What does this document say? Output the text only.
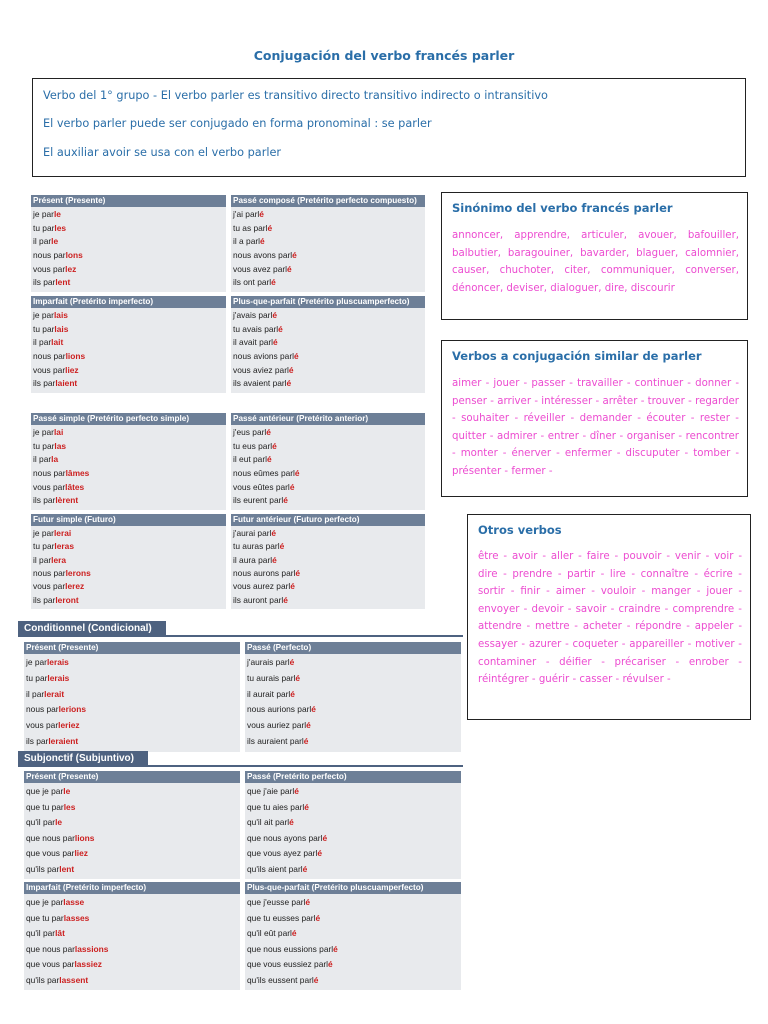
Conjugación del verbo francés parler
Verbo del 1° grupo - El verbo parler es transitivo directo transitivo indirecto o intransitivo
El verbo parler puede ser conjugado en forma pronominal : se parler
El auxiliar avoir se usa con el verbo parler
Présent (Presente)
je parle
tu parles
il parle
nous parlons
vous parlez
ils parlent
Passé composé (Pretérito perfecto compuesto)
j'ai parlé
tu as parlé
il a parlé
nous avons parlé
vous avez parlé
ils ont parlé
Imparfait (Pretérito imperfecto)
je parlais
tu parlais
il parlait
nous parlions
vous parliez
ils parlaient
Plus-que-parfait (Pretérito pluscuamperfecto)
j'avais parlé
tu avais parlé
il avait parlé
nous avions parlé
vous aviez parlé
ils avaient parlé
Passé simple (Pretérito perfecto simple)
je parlai
tu parlas
il parla
nous parlâmes
vous parlâtes
ils parlèrent
Passé antérieur (Pretérito anterior)
j'eus parlé
tu eus parlé
il eut parlé
nous eûmes parlé
vous eûtes parlé
ils eurent parlé
Futur simple (Futuro)
je parlerai
tu parleras
il parlera
nous parlerons
vous parlerez
ils parleront
Futur antérieur (Futuro perfecto)
j'aurai parlé
tu auras parlé
il aura parlé
nous aurons parlé
vous aurez parlé
ils auront parlé
Conditionnel (Condicional)
Présent (Presente)
je parlerais
tu parlerais
il parlerait
nous parlerions
vous parleriez
ils parleraient
Passé (Perfecto)
j'aurais parlé
tu aurais parlé
il aurait parlé
nous aurions parlé
vous auriez parlé
ils auraient parlé
Subjonctif (Subjuntivo)
Présent (Presente)
que je parle
que tu parles
qu'il parle
que nous parlions
que vous parliez
qu'ils parlent
Passé (Pretérito perfecto)
que j'aie parlé
que tu aies parlé
qu'il ait parlé
que nous ayons parlé
que vous ayez parlé
qu'ils aient parlé
Imparfait (Pretérito imperfecto)
que je parlasse
que tu parlasses
qu'il parlât
que nous parlassions
que vous parlassiez
qu'ils parlassent
Plus-que-parfait (Pretérito pluscuamperfecto)
que j'eusse parlé
que tu eusses parlé
qu'il eût parlé
que nous eussions parlé
que vous eussiez parlé
qu'ils eussent parlé
Sinónimo del verbo francés parler

annoncer, apprendre, articuler, avouer, bafouiller, balbutier, baragouiner, bavarder, blaguer, calomnier, causer, chuchoter, citer, communiquer, converser, dénoncer, deviser, dialoguer, dire, discourir

Verbos a conjugación similar de parler

aimer - jouer - passer - travailler - continuer - donner - penser - arriver - intéresser - arrêter - trouver - regarder - souhaiter - réveiller - demander - écouter - rester - quitter - admirer - entrer - dîner - organiser - rencontrer - monter - énerver - enfermer - discuputer - tomber - présenter - fermer -

Otros verbos

être - avoir - aller - faire - pouvoir - venir - voir - dire - prendre - partir - lire - connaître - écrire - sortir - finir - aimer - vouloir - manger - jouer - envoyer - devoir - savoir - craindre - comprendre - attendre - mettre - acheter - répondre - appeler - essayer - azurer - coqueter - appareiller - motiver - contaminer - déifier - précariser - enrober - réintégrer - guérir - casser - révulser -
